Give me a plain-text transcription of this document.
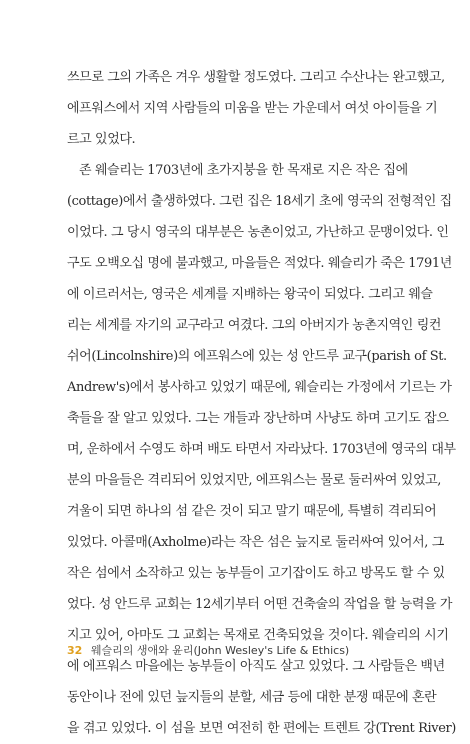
쓰므로 그의 가족은 겨우 생활할 정도였다. 그리고 수산나는 완고했고,
에프워스에서 지역 사람들의 미움을 받는 가운데서 여섯 아이들을 기
르고 있었다.
존 웨슬리는 1703년에 초가지붕을 한 목재로 지은 작은 집에
(cottage)에서 출생하였다. 그런 집은 18세기 초에 영국의 전형적인 집
이었다. 그 당시 영국의 대부분은 농촌이었고, 가난하고 문맹이었다. 인
구도 오백오십 명에 불과했고, 마을들은 적었다. 웨슬리가 죽은 1791년
에 이르러서는, 영국은 세계를 지배하는 왕국이 되었다. 그리고 웨슬
리는 세계를 자기의 교구라고 여겼다. 그의 아버지가 농촌지역인 링컨
쉬어(Lincolnshire)의 에프워스에 있는 성 안드루 교구(parish of St.
Andrew's)에서 봉사하고 있었기 때문에, 웨슬리는 가정에서 기르는 가
축들을 잘 알고 있었다. 그는 개들과 장난하며 사냥도 하며 고기도 잡으
며, 운하에서 수영도 하며 배도 타면서 자라났다. 1703년에 영국의 대부
분의 마을들은 격리되어 있었지만, 에프워스는 물로 둘러싸여 있었고,
겨울이 되면 하나의 섬 같은 것이 되고 말기 때문에, 특별히 격리되어
있었다. 아콜매(Axholme)라는 작은 섬은 늪지로 둘러싸여 있어서, 그
작은 섬에서 소작하고 있는 농부들이 고기잡이도 하고 방목도 할 수 있
었다. 성 안드루 교회는 12세기부터 어떤 건축술의 작업을 할 능력을 가
지고 있어, 아마도 그 교회는 목재로 건축되었을 것이다. 웨슬리의 시기
에 에프워스 마을에는 농부들이 아직도 살고 있었다. 그 사람들은 백년
동안이나 전에 있던 늪지들의 분할, 세금 등에 대한 분쟁 때문에 혼란
을 겪고 있었다. 이 섬을 보면 여전히 한 편에는 트렌트 강(Trent River)
32 웨슬리의 생애와 윤리(John Wesley's Life & Ethics)
